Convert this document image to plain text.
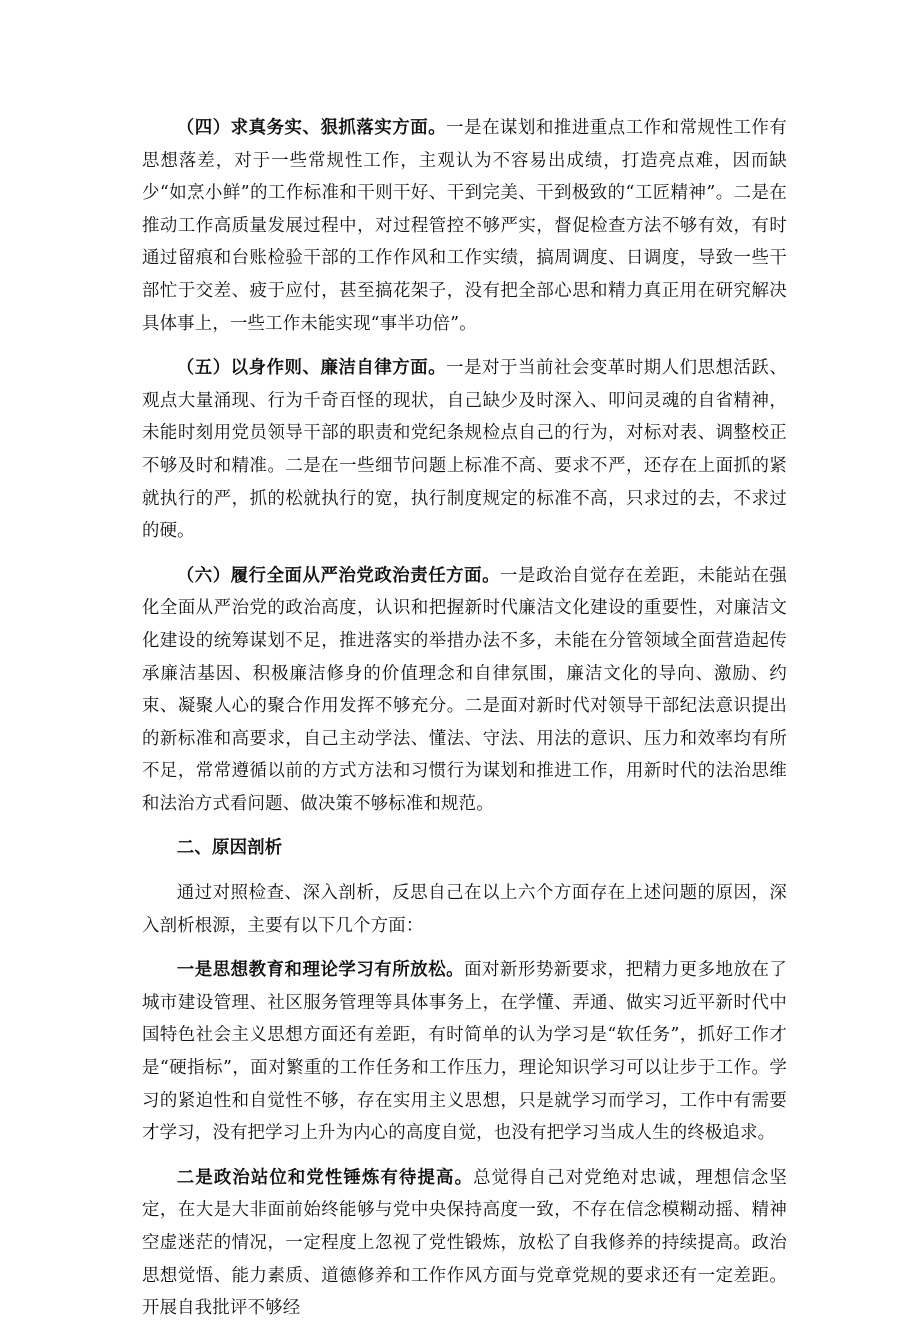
（四）求真务实、狠抓落实方面。一是在谋划和推进重点工作和常规性工作有思想落差，对于一些常规性工作，主观认为不容易出成绩，打造亮点难，因而缺少“如烹小鲜”的工作标准和干则干好、干到完美、干到极致的“工匠精神”。二是在推动工作高质量发展过程中，对过程管控不够严实，督促检查方法不够有效，有时通过留痕和台账检验干部的工作作风和工作实绩，搞周调度、日调度，导致一些干部忙于交差、疲于应付，甚至搞花架子，没有把全部心思和精力真正用在研究解决具体事上，一些工作未能实现“事半功倍”。

（五）以身作则、廉洁自律方面。一是对于当前社会变革时期人们思想活跃、观点大量涌现、行为千奇百怪的现状，自己缺少及时深入、叩问灵魂的自省精神，未能时刻用党员领导干部的职责和党纪条规检点自己的行为，对标对表、调整校正不够及时和精准。二是在一些细节问题上标准不高、要求不严，还存在上面抓的紧就执行的严，抓的松就执行的宽，执行制度规定的标准不高，只求过的去，不求过的硬。

（六）履行全面从严治党政治责任方面。一是政治自觉存在差距，未能站在强化全面从严治党的政治高度，认识和把握新时代廉洁文化建设的重要性，对廉洁文化建设的统筹谋划不足，推进落实的举措办法不多，未能在分管领域全面营造起传承廉洁基因、积极廉洁修身的价值理念和自律氛围，廉洁文化的导向、激励、约束、凝聚人心的聚合作用发挥不够充分。二是面对新时代对领导干部纪法意识提出的新标准和高要求，自己主动学法、懂法、守法、用法的意识、压力和效率均有所不足，常常遵循以前的方式方法和习惯行为谋划和推进工作，用新时代的法治思维和法治方式看问题、做决策不够标准和规范。

二、原因剖析

通过对照检查、深入剖析，反思自己在以上六个方面存在上述问题的原因，深入剖析根源，主要有以下几个方面：

一是思想教育和理论学习有所放松。面对新形势新要求，把精力更多地放在了城市建设管理、社区服务管理等具体事务上，在学懂、弄通、做实习近平新时代中国特色社会主义思想方面还有差距，有时简单的认为学习是“软任务”，抓好工作才是“硬指标”，面对繁重的工作任务和工作压力，理论知识学习可以让步于工作。学习的紧迫性和自觉性不够，存在实用主义思想，只是就学习而学习，工作中有需要才学习，没有把学习上升为内心的高度自觉，也没有把学习当成人生的终极追求。

二是政治站位和党性锤炼有待提高。总觉得自己对党绝对忠诚，理想信念坚定，在大是大非面前始终能够与党中央保持高度一致，不存在信念模糊动摇、精神空虚迷茫的情况，一定程度上忽视了党性锻炼，放松了自我修养的持续提高。政治思想觉悟、能力素质、道德修养和工作作风方面与党章党规的要求还有一定差距。开展自我批评不够经
